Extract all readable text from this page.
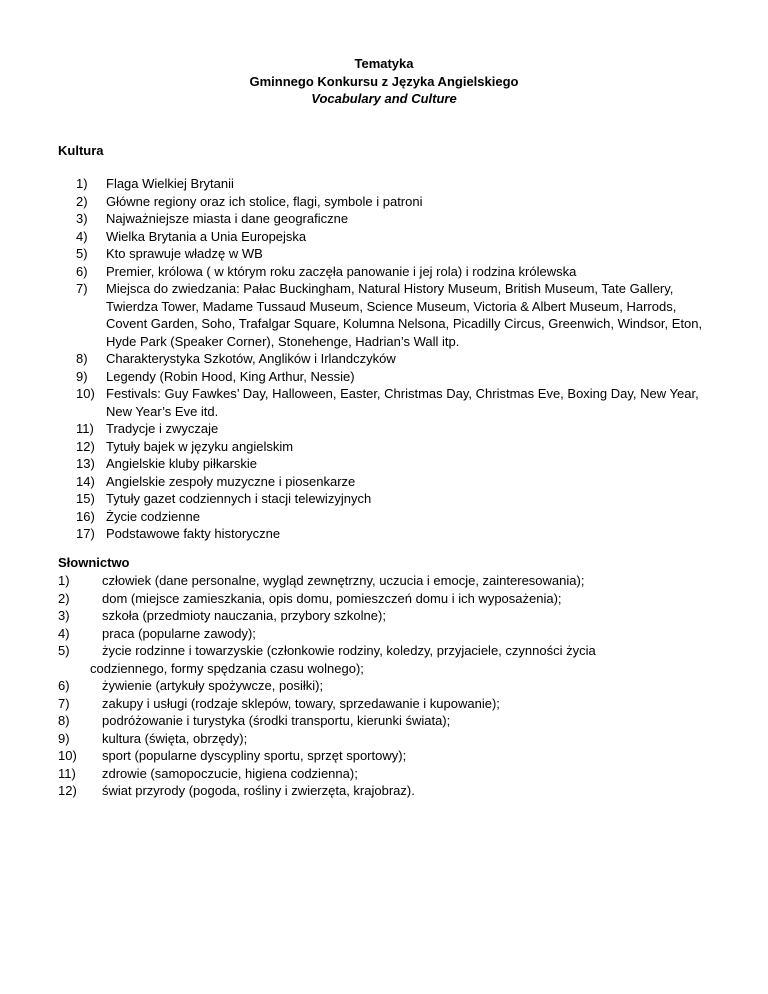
Tematyka
Gminnego Konkursu z Języka Angielskiego
Vocabulary and Culture
Kultura
1) Flaga Wielkiej Brytanii
2) Główne regiony oraz ich stolice, flagi, symbole i patroni
3) Najważniejsze miasta i dane geograficzne
4) Wielka Brytania a Unia Europejska
5) Kto sprawuje władzę w WB
6) Premier, królowa ( w którym roku zaczęła panowanie i jej rola) i rodzina królewska
7) Miejsca do zwiedzania: Pałac Buckingham, Natural History Museum, British Museum, Tate Gallery, Twierdza Tower, Madame Tussaud Museum, Science Museum, Victoria & Albert Museum, Harrods, Covent Garden, Soho, Trafalgar Square, Kolumna Nelsona, Picadilly Circus, Greenwich, Windsor, Eton, Hyde Park (Speaker Corner), Stonehenge, Hadrian’s Wall itp.
8) Charakterystyka Szkotów, Anglików i Irlandczyków
9) Legendy (Robin Hood, King Arthur, Nessie)
10) Festivals: Guy Fawkes’ Day, Halloween, Easter, Christmas Day, Christmas Eve, Boxing Day, New Year, New Year’s Eve itd.
11) Tradycje i zwyczaje
12) Tytuły bajek w języku angielskim
13) Angielskie kluby piłkarskie
14) Angielskie zespoły muzyczne i piosenkarze
15) Tytuły gazet codziennych i stacji telewizyjnych
16) Życie codzienne
17) Podstawowe fakty historyczne
Słownictwo
1) człowiek (dane personalne, wygląd zewnętrzny, uczucia i emocje, zainteresowania);
2) dom (miejsce zamieszkania, opis domu, pomieszczeń domu i ich wyposażenia);
3) szkoła (przedmioty nauczania, przybory szkolne);
4) praca (popularne zawody);
5) życie rodzinne i towarzyskie (członkowie rodziny, koledzy, przyjaciele, czynności życia
codziennego, formy spędzania czasu wolnego);
6) żywienie (artykuły spożywcze, posiłki);
7) zakupy i usługi (rodzaje sklepów, towary, sprzedawanie i kupowanie);
8) podróżowanie i turystyka (środki transportu, kierunki świata);
9) kultura (święta, obrzędy);
10) sport (popularne dyscypliny sportu, sprzęt sportowy);
11) zdrowie (samopoczucie, higiena codzienna);
12) świat przyrody (pogoda, rośliny i zwierzęta, krajobraz).
